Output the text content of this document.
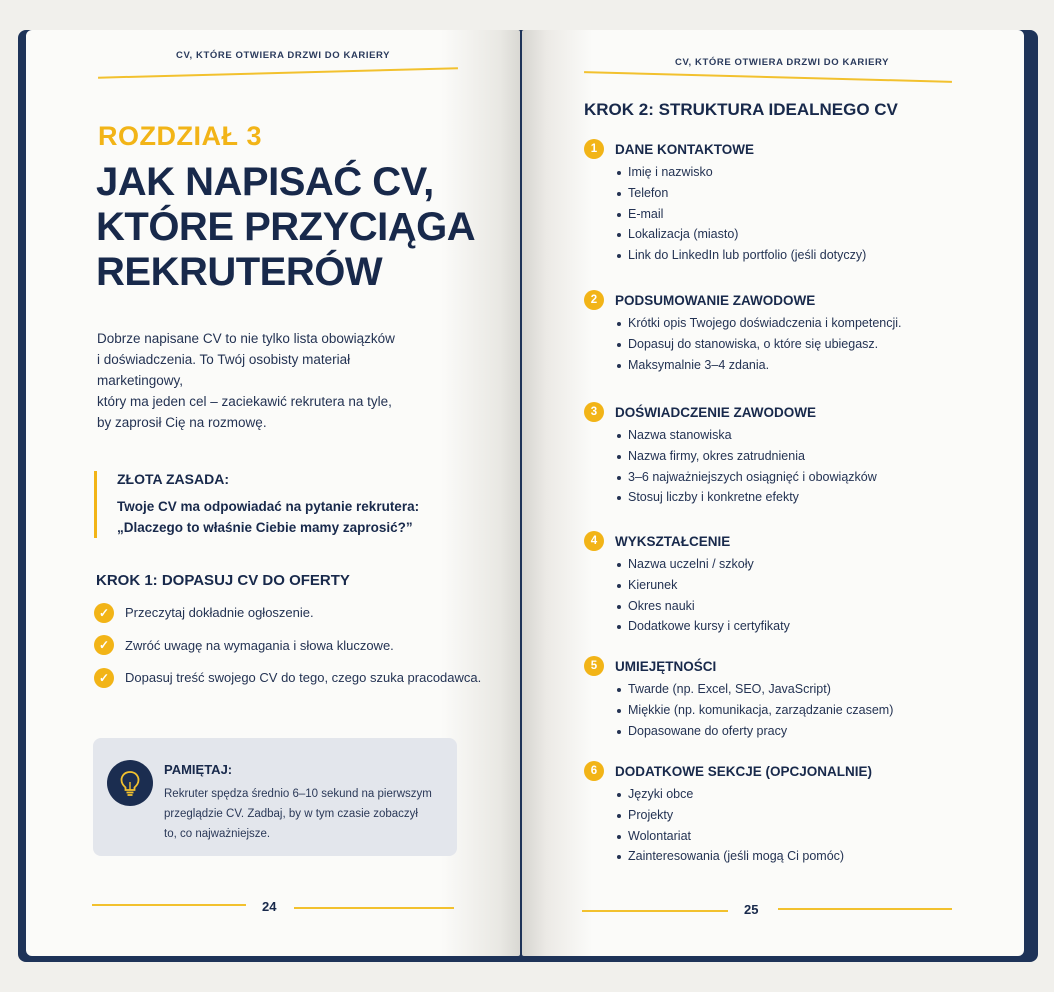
CV, KTÓRE OTWIERA DRZWI DO KARIERY
ROZDZIAŁ 3
JAK NAPISAĆ CV,
KTÓRE PRZYCIĄGA
REKRUTERÓW
Dobrze napisane CV to nie tylko lista obowiązków
i doświadczenia. To Twój osobisty materiał marketingowy,
który ma jeden cel – zaciekawić rekrutera na tyle,
by zaprosił Cię na rozmowę.
ZŁOTA ZASADA:
Twoje CV ma odpowiadać na pytanie rekrutera:
„Dlaczego to właśnie Ciebie mamy zaprosić?”
KROK 1: DOPASUJ CV DO OFERTY
✓	Przeczytaj dokładnie ogłoszenie.
✓	Zwróć uwagę na wymagania i słowa kluczowe.
✓	Dopasuj treść swojego CV do tego, czego szuka pracodawca.
PAMIĘTAJ:
Rekruter spędza średnio 6–10 sekund na pierwszym
przeglądzie CV. Zadbaj, by w tym czasie zobaczył
to, co najważniejsze.
24
CV, KTÓRE OTWIERA DRZWI DO KARIERY
KROK 2: STRUKTURA IDEALNEGO CV
1	DANE KONTAKTOWE
Imię i nazwisko
Telefon
E-mail
Lokalizacja (miasto)
Link do LinkedIn lub portfolio (jeśli dotyczy)
2	PODSUMOWANIE ZAWODOWE
Krótki opis Twojego doświadczenia i kompetencji.
Dopasuj do stanowiska, o które się ubiegasz.
Maksymalnie 3–4 zdania.
3	DOŚWIADCZENIE ZAWODOWE
Nazwa stanowiska
Nazwa firmy, okres zatrudnienia
3–6 najważniejszych osiągnięć i obowiązków
Stosuj liczby i konkretne efekty
4	WYKSZTAŁCENIE
Nazwa uczelni / szkoły
Kierunek
Okres nauki
Dodatkowe kursy i certyfikaty
5	UMIEJĘTNOŚCI
Twarde (np. Excel, SEO, JavaScript)
Miękkie (np. komunikacja, zarządzanie czasem)
Dopasowane do oferty pracy
6	DODATKOWE SEKCJE (OPCJONALNIE)
Języki obce
Projekty
Wolontariat
Zainteresowania (jeśli mogą Ci pomóc)
25
